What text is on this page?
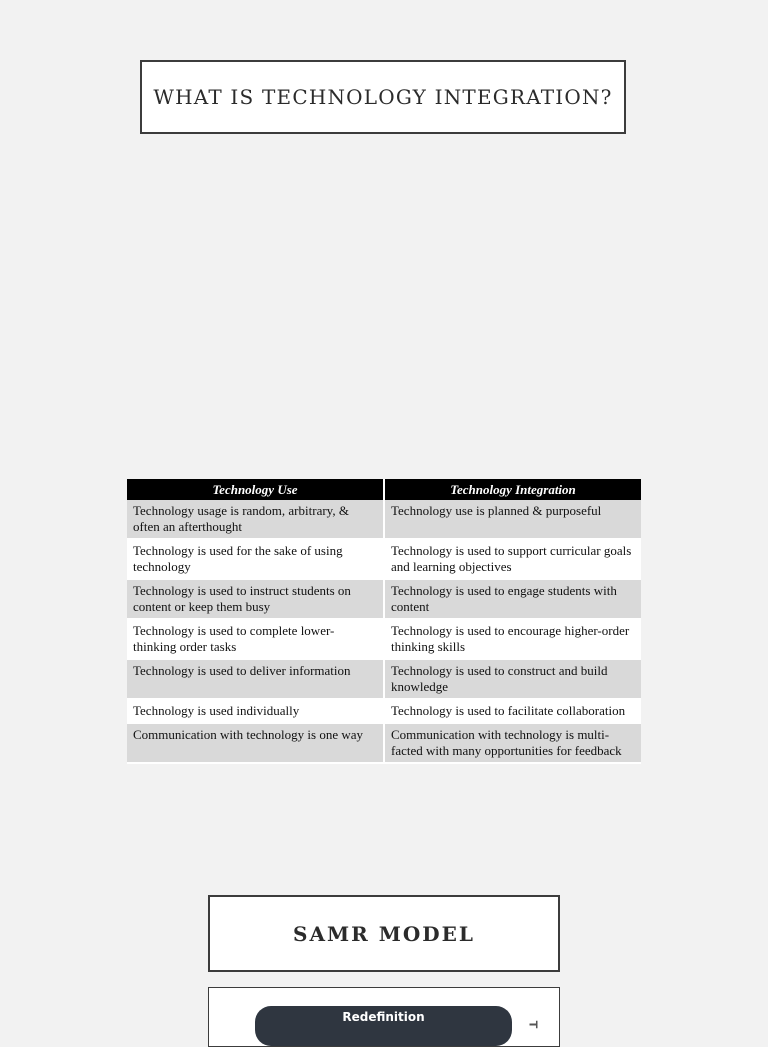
WHAT IS TECHNOLOGY INTEGRATION?
Technology Use	Technology Integration
Technology usage is random, arbitrary, & often an afterthought	Technology use is planned & purposeful
Technology is used for the sake of using technology	Technology is used to support curricular goals and learning objectives
Technology is used to instruct students on content or keep them busy	Technology is used to engage students with content
Technology is used to complete lower-thinking order tasks	Technology is used to encourage higher-order thinking skills
Technology is used to deliver information	Technology is used to construct and build knowledge
Technology is used individually	Technology is used to facilitate collaboration
Communication with technology is one way	Communication with technology is multi-facted with many opportunities for feedback
SAMR MODEL
Redefinition
T
